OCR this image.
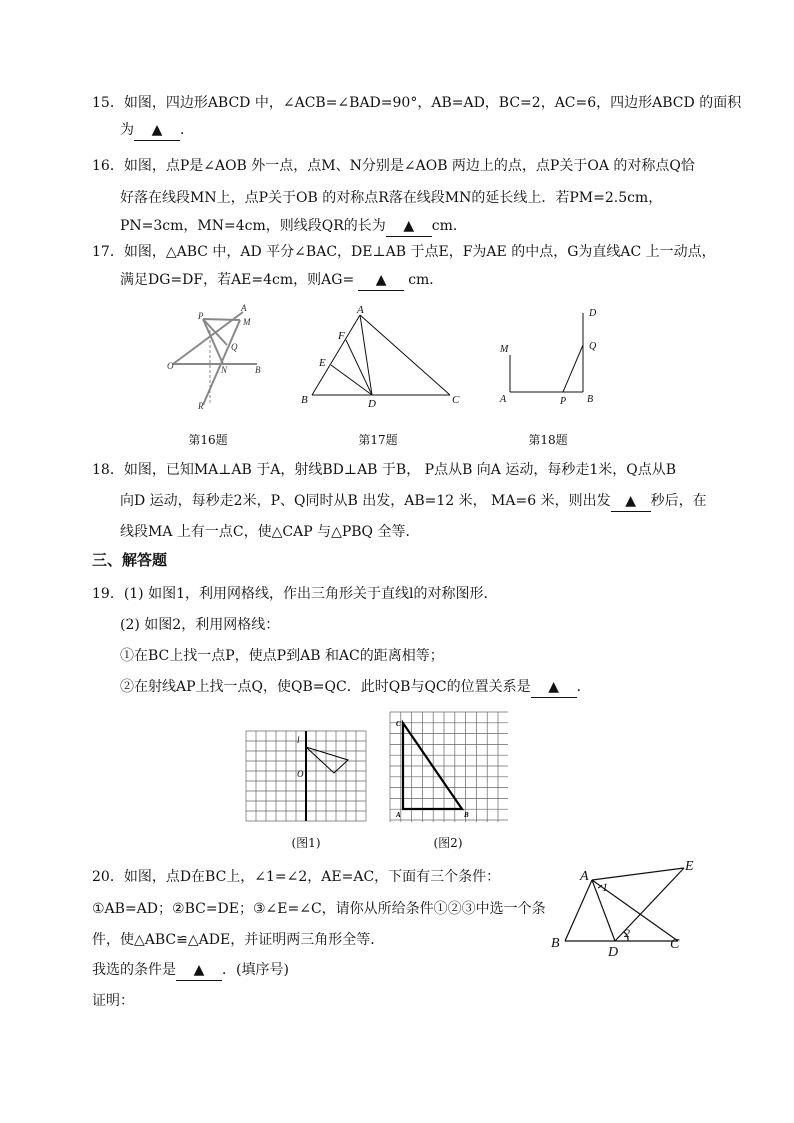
15．如图，四边形ABCD 中，∠ACB=∠BAD=90°，AB=AD，BC=2，AC=6，四边形ABCD 的面积
为 ▲ ．
16．如图，点P是∠AOB 外一点，点M、N分别是∠AOB 两边上的点，点P关于OA 的对称点Q恰
好落在线段MN上，点P关于OB 的对称点R落在线段MN的延长线上．若PM=2.5cm，
PN=3cm，MN=4cm，则线段QR的长为 ▲ cm．
17．如图，△ABC 中，AD 平分∠BAC，DE⊥AB 于点E，F为AE 的中点，G为直线AC 上一动点，
满足DG=DF，若AE=4cm，则AG= ▲ cm．
P
A
M
Q
O	N	B
R
A
F
E
B	D	C
D
M	Q
A	P B
第16题	第17题	第18题
18．如图，已知MA⊥AB 于A，射线BD⊥AB 于B， P点从B 向A 运动，每秒走1米，Q点从B
向D 运动，每秒走2米，P、Q同时从B 出发，AB=12 米， MA=6 米，则出发 ▲ 秒后，在
线段MA 上有一点C，使△CAP 与△PBQ 全等．
三、解答题
19．(1) 如图1，利用网格线，作出三角形关于直线l的对称图形．
(2) 如图2，利用网格线：
①在BC上找一点P，使点P到AB 和AC的距离相等；
②在射线AP上找一点Q，使QB=QC．此时QB与QC的位置关系是 ▲ ．
l
O
C
A	B
(图1)	(图2)
20．如图，点D在BC上，∠1=∠2，AE=AC，下面有三个条件：
①AB=AD；②BC=DE；③∠E=∠C，请你从所给条件①②③中选一个条
件，使△ABC≌△ADE，并证明两三角形全等．
我选的条件是 ▲ ．(填序号)
证明：
A
E
1
2
B
D
C
